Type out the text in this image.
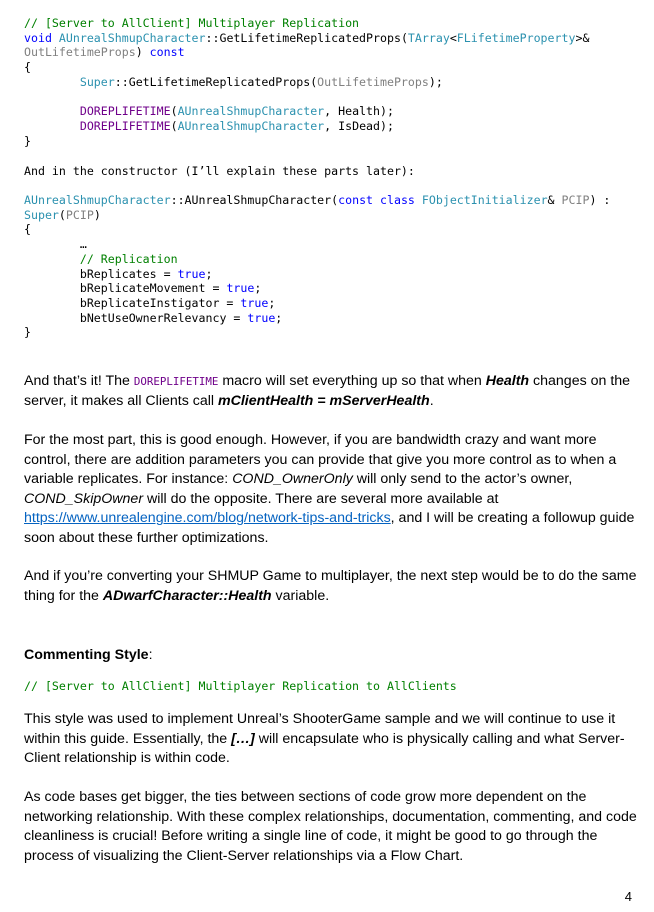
// [Server to AllClient] Multiplayer Replication
void AUnrealShmupCharacter::GetLifetimeReplicatedProps(TArray<FLifetimeProperty>&
OutLifetimeProps) const
{
Super::GetLifetimeReplicatedProps(OutLifetimeProps);

DOREPLIFETIME(AUnrealShmupCharacter, Health);
DOREPLIFETIME(AUnrealShmupCharacter, IsDead);
}
And in the constructor (I’ll explain these parts later):
AUnrealShmupCharacter::AUnrealShmupCharacter(const class FObjectInitializer& PCIP) :
Super(PCIP)
{
…
// Replication
bReplicates = true;
bReplicateMovement = true;
bReplicateInstigator = true;
bNetUseOwnerRelevancy = true;
}

And that’s it! The DOREPLIFETIME macro will set everything up so that when Health changes on the server, it makes all Clients call mClientHealth = mServerHealth.

For the most part, this is good enough. However, if you are bandwidth crazy and want more control, there are addition parameters you can provide that give you more control as to when a variable replicates. For instance: COND_OwnerOnly will only send to the actor’s owner, COND_SkipOwner will do the opposite. There are several more available at https://www.unrealengine.com/blog/network-tips-and-tricks, and I will be creating a followup guide soon about these further optimizations.

And if you’re converting your SHMUP Game to multiplayer, the next step would be to do the same thing for the ADwarfCharacter::Health variable.

Commenting Style:

// [Server to AllClient] Multiplayer Replication to AllClients

This style was used to implement Unreal’s ShooterGame sample and we will continue to use it within this guide. Essentially, the […] will encapsulate who is physically calling and what Server-Client relationship is within code.

As code bases get bigger, the ties between sections of code grow more dependent on the networking relationship. With these complex relationships, documentation, commenting, and code cleanliness is crucial! Before writing a single line of code, it might be good to go through the process of visualizing the Client-Server relationships via a Flow Chart.

4
